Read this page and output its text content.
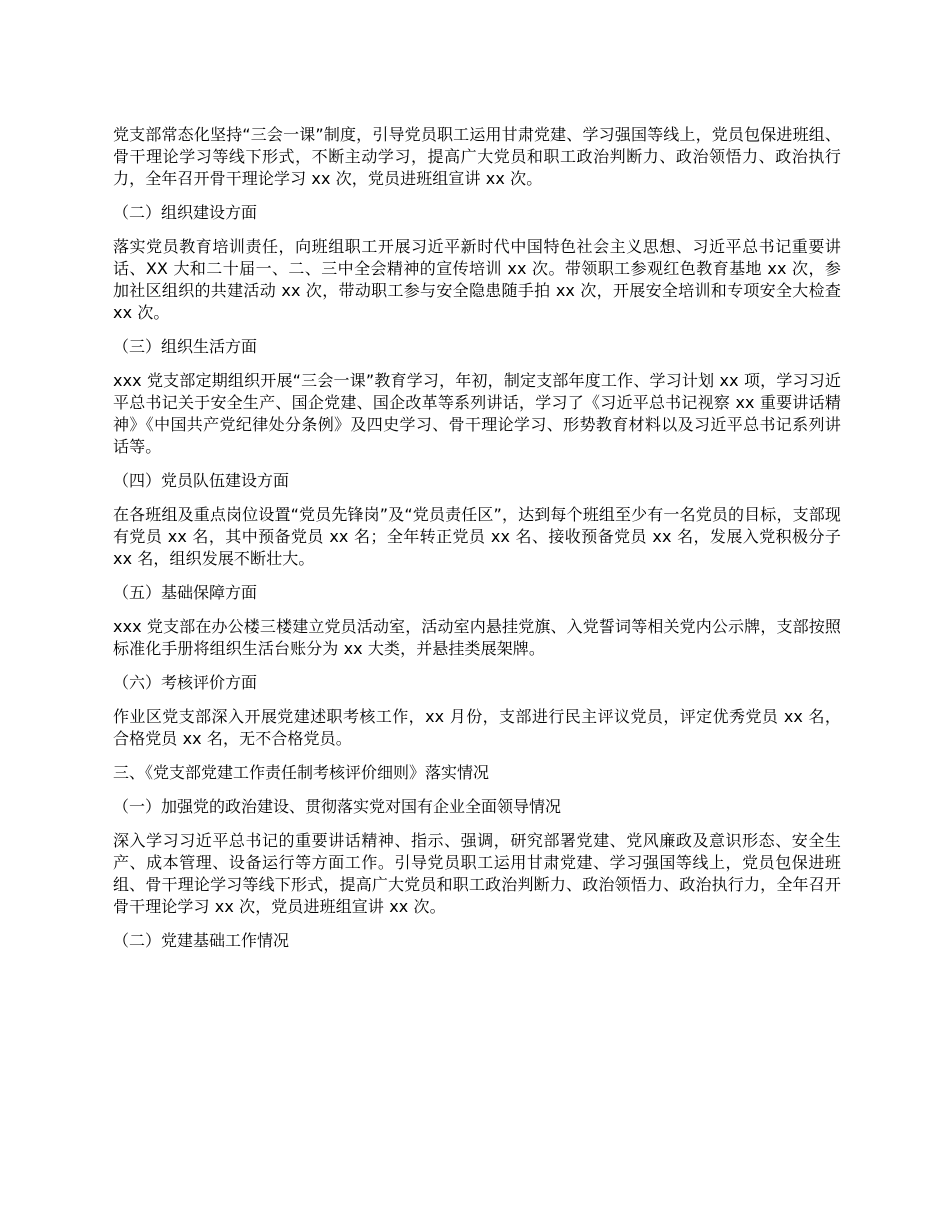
党支部常态化坚持“三会一课”制度，引导党员职工运用甘肃党建、学习强国等线上，党员包保进班组、骨干理论学习等线下形式，不断主动学习，提高广大党员和职工政治判断力、政治领悟力、政治执行力，全年召开骨干理论学习 xx 次，党员进班组宣讲 xx 次。

（二）组织建设方面

落实党员教育培训责任，向班组职工开展习近平新时代中国特色社会主义思想、习近平总书记重要讲话、XX 大和二十届一、二、三中全会精神的宣传培训 xx 次。带领职工参观红色教育基地 xx 次，参加社区组织的共建活动 xx 次，带动职工参与安全隐患随手拍 xx 次，开展安全培训和专项安全大检查 xx 次。

（三）组织生活方面

xxx 党支部定期组织开展“三会一课”教育学习，年初，制定支部年度工作、学习计划 xx 项，学习习近平总书记关于安全生产、国企党建、国企改革等系列讲话，学习了《习近平总书记视察 xx 重要讲话精神》《中国共产党纪律处分条例》及四史学习、骨干理论学习、形势教育材料以及习近平总书记系列讲话等。

（四）党员队伍建设方面

在各班组及重点岗位设置“党员先锋岗”及“党员责任区”，达到每个班组至少有一名党员的目标，支部现有党员 xx 名，其中预备党员 xx 名；全年转正党员 xx 名、接收预备党员 xx 名，发展入党积极分子 xx 名，组织发展不断壮大。

（五）基础保障方面

xxx 党支部在办公楼三楼建立党员活动室，活动室内悬挂党旗、入党誓词等相关党内公示牌，支部按照标准化手册将组织生活台账分为 xx 大类，并悬挂类展架牌。

（六）考核评价方面

作业区党支部深入开展党建述职考核工作，xx 月份，支部进行民主评议党员，评定优秀党员 xx 名，合格党员 xx 名，无不合格党员。

三、《党支部党建工作责任制考核评价细则》落实情况

（一）加强党的政治建设、贯彻落实党对国有企业全面领导情况

深入学习习近平总书记的重要讲话精神、指示、强调，研究部署党建、党风廉政及意识形态、安全生产、成本管理、设备运行等方面工作。引导党员职工运用甘肃党建、学习强国等线上，党员包保进班组、骨干理论学习等线下形式，提高广大党员和职工政治判断力、政治领悟力、政治执行力，全年召开骨干理论学习 xx 次，党员进班组宣讲 xx 次。

（二）党建基础工作情况
